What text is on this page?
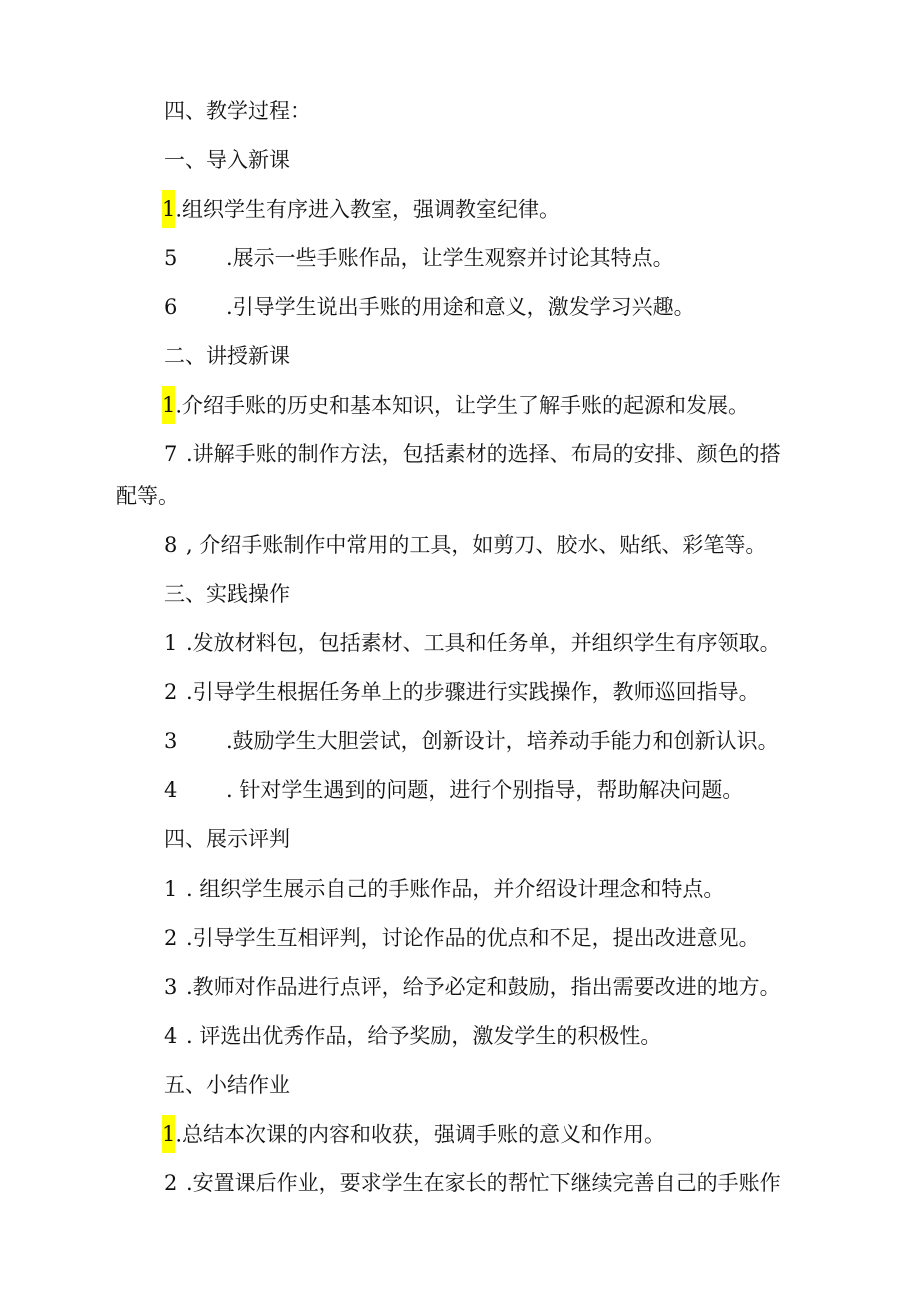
四、教学过程：
一、导入新课
1.组织学生有序进入教室，强调教室纪律。
5 .展示一些手账作品，让学生观察并讨论其特点。
6 .引导学生说出手账的用途和意义，激发学习兴趣。
二、讲授新课
1.介绍手账的历史和基本知识，让学生了解手账的起源和发展。
7 .讲解手账的制作方法，包括素材的选择、布局的安排、颜色的搭
配等。
8 , 介绍手账制作中常用的工具，如剪刀、胶水、贴纸、彩笔等。
三、实践操作
1 .发放材料包，包括素材、工具和任务单，并组织学生有序领取。
2 .引导学生根据任务单上的步骤进行实践操作，教师巡回指导。
3 .鼓励学生大胆尝试，创新设计，培养动手能力和创新认识。
4 . 针对学生遇到的问题，进行个别指导，帮助解决问题。
四、展示评判
1 . 组织学生展示自己的手账作品，并介绍设计理念和特点。
2 .引导学生互相评判，讨论作品的优点和不足，提出改进意见。
3 .教师对作品进行点评，给予必定和鼓励，指出需要改进的地方。
4 . 评选出优秀作品，给予奖励，激发学生的积极性。
五、小结作业
1.总结本次课的内容和收获，强调手账的意义和作用。
2 .安置课后作业，要求学生在家长的帮忙下继续完善自己的手账作
